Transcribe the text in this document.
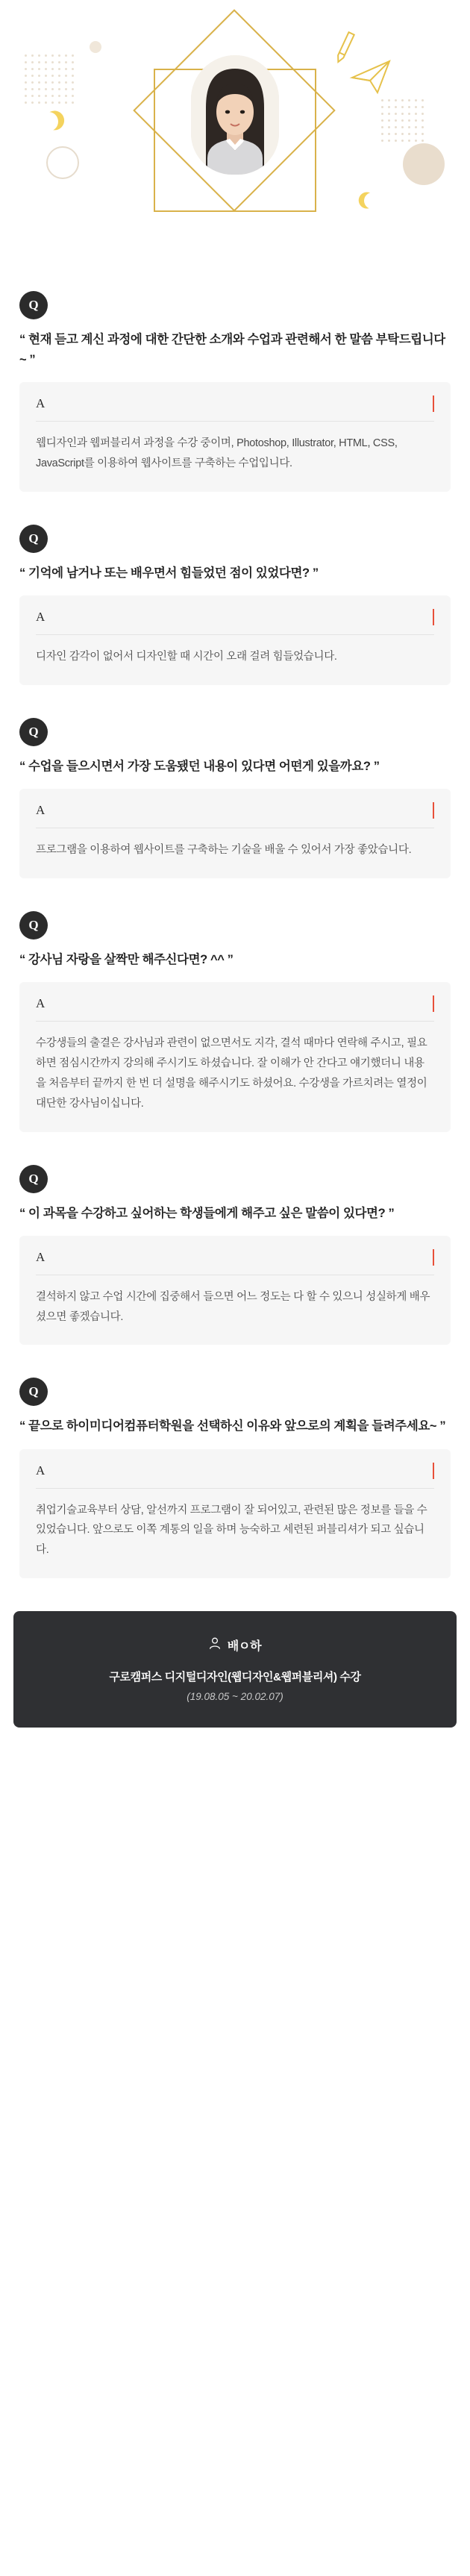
Q
“ 현재 듣고 계신 과정에 대한 간단한 소개와 수업과 관련해서 한 말씀 부탁드립니다~ ”
A
웹디자인과 웹퍼블리셔 과정을 수강 중이며, Photoshop, Illustrator, HTML, CSS, JavaScript를 이용하여 웹사이트를 구축하는 수업입니다.
Q
“ 기억에 남거나 또는 배우면서 힘들었던 점이 있었다면? ”
A
디자인 감각이 없어서 디자인할 때 시간이 오래 걸려 힘들었습니다.
Q
“ 수업을 들으시면서 가장 도움됐던 내용이 있다면 어떤게 있을까요? ”
A
프로그램을 이용하여 웹사이트를 구축하는 기술을 배울 수 있어서 가장 좋았습니다.
Q
“ 강사님 자랑을 살짝만 해주신다면? ^^ ”
A
수강생들의 출결은 강사님과 관련이 없으면서도 지각, 결석 때마다 연락해 주시고, 필요하면 점심시간까지 강의해 주시기도 하셨습니다. 잘 이해가 안 간다고 얘기했더니 내용을 처음부터 끝까지 한 번 더 설명을 해주시기도 하셨어요. 수강생을 가르치려는 열정이 대단한 강사님이십니다.
Q
“ 이 과목을 수강하고 싶어하는 학생들에게 해주고 싶은 말씀이 있다면? ”
A
결석하지 않고 수업 시간에 집중해서 들으면 어느 정도는 다 할 수 있으니 성실하게 배우셨으면 좋겠습니다.
Q
“ 끝으로 하이미디어컴퓨터학원을 선택하신 이유와 앞으로의 계획을 들려주세요~ ”
A
취업기술교육부터 상담, 알선까지 프로그램이 잘 되어있고, 관련된 많은 정보를 들을 수 있었습니다. 앞으로도 이쪽 계통의 일을 하며 능숙하고 세련된 퍼블리셔가 되고 싶습니다.
배ㅇ하
구로캠퍼스 디지털디자인(웹디자인&웹퍼블리셔) 수강
(19.08.05 ~ 20.02.07)
